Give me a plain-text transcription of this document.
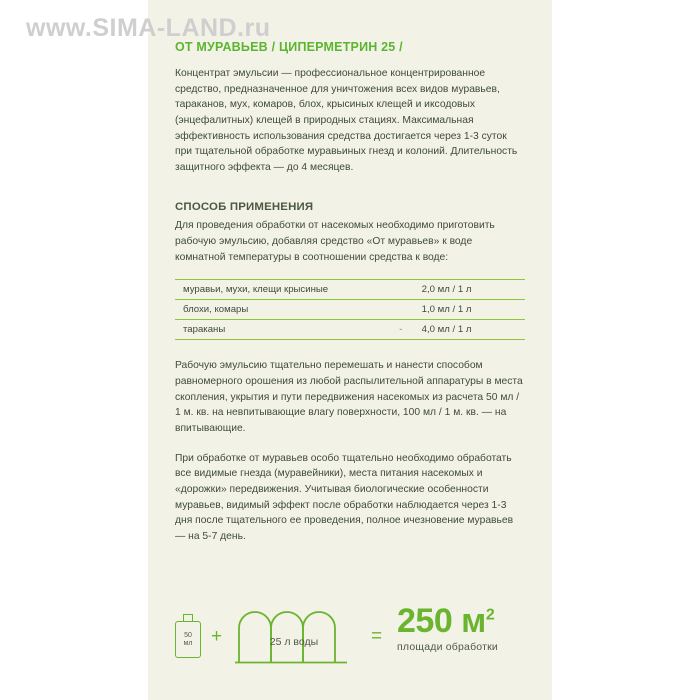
www.SIMA-LAND.ru
ОТ МУРАВЬЕВ / ЦИПЕРМЕТРИН 25 /
Концентрат эмульсии — профессиональное концентрированное средство, предназначенное для уничтожения всех видов муравьев, тараканов, мух, комаров, блох, крысиных клещей и иксодовых (энцефалитных) клещей в природных стациях. Максимальная эффективность использования средства достигается через 1-3 суток при тщательной обработке муравьиных гнезд и колоний. Длительность защитного эффекта — до 4 месяцев.
СПОСОБ ПРИМЕНЕНИЯ
Для проведения обработки от насекомых необходимо приготовить рабочую эмульсию, добавляя средство «От муравьев» к воде комнатной температуры в соотношении средства к воде:
муравьи, мухи, клещи крысиные		2,0 мл / 1 л
блохи, комары		1,0 мл / 1 л
тараканы	-	4,0 мл / 1 л
Рабочую эмульсию тщательно перемешать и нанести способом равномерного орошения из любой распылительной аппаратуры в места скопления, укрытия и пути передвижения насекомых из расчета 50 мл / 1 м. кв. на невпитывающие влагу поверхности, 100 мл / 1 м. кв. — на впитывающие.
При обработке от муравьев особо тщательно необходимо обработать все видимые гнезда (муравейники), места питания насекомых и «дорожки» передвижения. Учитывая биологические особенности муравьев, видимый эффект после обработки наблюдается через 1-3 дня после тщательного ее проведения, полное ичезновение муравьев — на 5-7 день.
50
мл +	25 л воды	= 250 $м^2$
площади обработки
